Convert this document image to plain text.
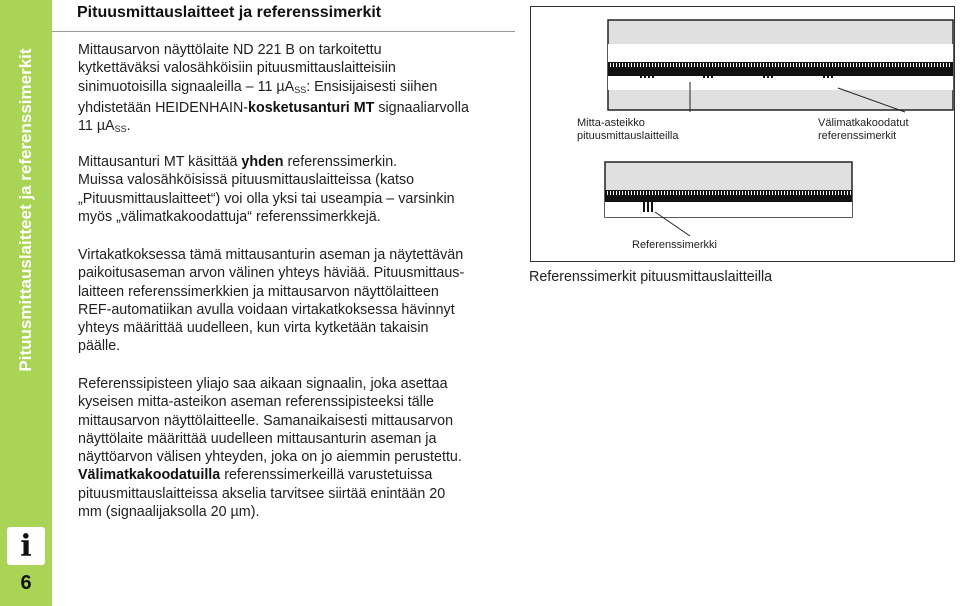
Pituusmittauslaitteet ja referenssimerkit
i
6
Pituusmittauslaitteet ja referenssimerkit

Mittausarvon näyttölaite ND 221 B on tarkoitettu
kytkettäväksi valosähköisiin pituusmittauslaitteisiin
sinimuotoisilla signaaleilla – 11 µA$_{SS}$: Ensisijaisesti siihen
yhdistetään HEIDENHAIN-kosketusanturi MT signaaliarvolla
11 µA$_{SS}$.

Mittausanturi MT käsittää yhden referenssimerkin.
Muissa valosähköisissä pituusmittauslaitteissa (katso
„Pituusmittauslaitteet“) voi olla yksi tai useampia – varsinkin
myös „välimatkakoodattuja“ referenssimerkkejä.

Virtakatkoksessa tämä mittausanturin aseman ja näytettävän
paikoitusaseman arvon välinen yhteys häviää. Pituusmittaus-
laitteen referenssimerkkien ja mittausarvon näyttölaitteen
REF-automatiikan avulla voidaan virtakatkoksessa hävinnyt
yhteys määrittää uudelleen, kun virta kytketään takaisin
päälle.

Referenssipisteen yliajo saa aikaan signaalin, joka asettaa
kyseisen mitta-asteikon aseman referenssipisteeksi tälle
mittausarvon näyttölaitteelle. Samanaikaisesti mittausarvon
näyttölaite määrittää uudelleen mittausanturin aseman ja
näyttöarvon välisen yhteyden, joka on jo aiemmin perustettu.
Välimatkakoodatuilla referenssimerkeillä varustetuissa
pituusmittauslaitteissa akselia tarvitsee siirtää enintään 20
mm (signaalijaksolla 20 µm).

Mitta-asteikko
pituusmittauslaitteilla
Välimatkakoodatut
referenssimerkit
Referenssimerkki
Referenssimerkit pituusmittauslaitteilla
